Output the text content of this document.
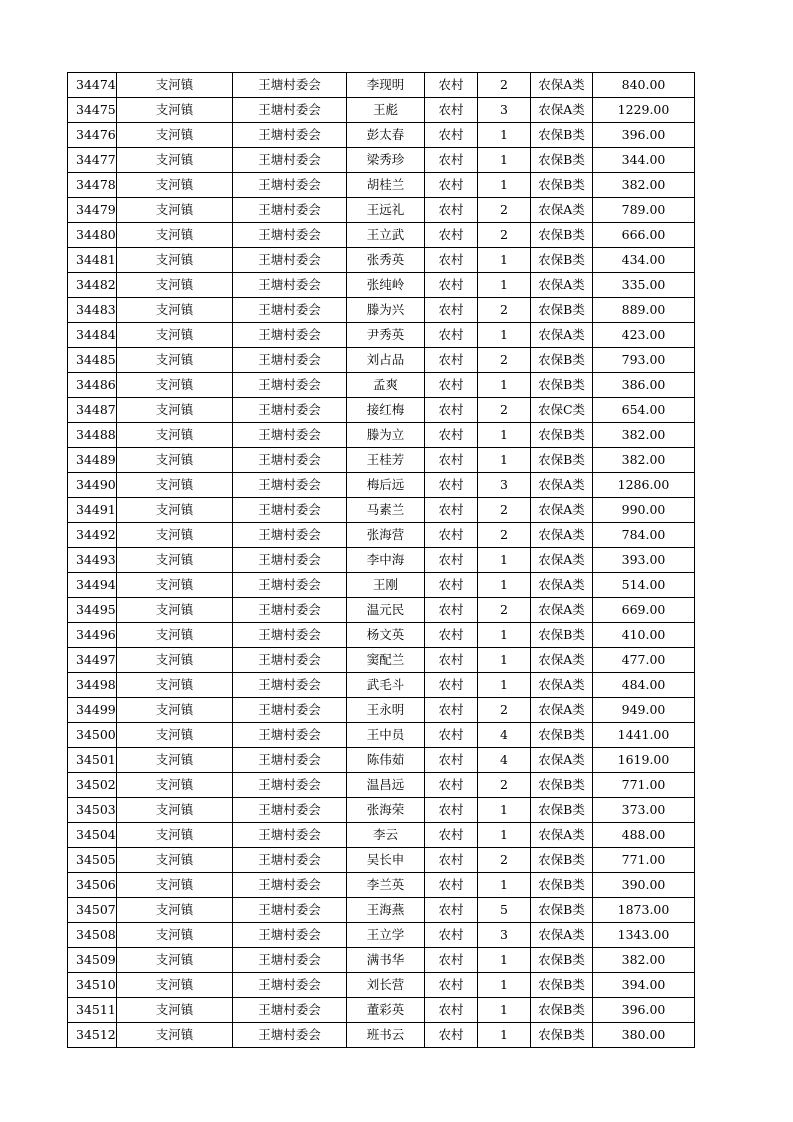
34474	支河镇	王塘村委会	李现明	农村	2	农保A类	840.00
34475	支河镇	王塘村委会	王彪	农村	3	农保A类	1229.00
34476	支河镇	王塘村委会	彭太春	农村	1	农保B类	396.00
34477	支河镇	王塘村委会	梁秀珍	农村	1	农保B类	344.00
34478	支河镇	王塘村委会	胡桂兰	农村	1	农保B类	382.00
34479	支河镇	王塘村委会	王远礼	农村	2	农保A类	789.00
34480	支河镇	王塘村委会	王立武	农村	2	农保B类	666.00
34481	支河镇	王塘村委会	张秀英	农村	1	农保B类	434.00
34482	支河镇	王塘村委会	张纯岭	农村	1	农保A类	335.00
34483	支河镇	王塘村委会	滕为兴	农村	2	农保B类	889.00
34484	支河镇	王塘村委会	尹秀英	农村	1	农保A类	423.00
34485	支河镇	王塘村委会	刘占品	农村	2	农保B类	793.00
34486	支河镇	王塘村委会	孟爽	农村	1	农保B类	386.00
34487	支河镇	王塘村委会	接红梅	农村	2	农保C类	654.00
34488	支河镇	王塘村委会	滕为立	农村	1	农保B类	382.00
34489	支河镇	王塘村委会	王桂芳	农村	1	农保B类	382.00
34490	支河镇	王塘村委会	梅后远	农村	3	农保A类	1286.00
34491	支河镇	王塘村委会	马素兰	农村	2	农保A类	990.00
34492	支河镇	王塘村委会	张海营	农村	2	农保A类	784.00
34493	支河镇	王塘村委会	李中海	农村	1	农保A类	393.00
34494	支河镇	王塘村委会	王刚	农村	1	农保A类	514.00
34495	支河镇	王塘村委会	温元民	农村	2	农保A类	669.00
34496	支河镇	王塘村委会	杨文英	农村	1	农保B类	410.00
34497	支河镇	王塘村委会	窦配兰	农村	1	农保A类	477.00
34498	支河镇	王塘村委会	武毛斗	农村	1	农保A类	484.00
34499	支河镇	王塘村委会	王永明	农村	2	农保A类	949.00
34500	支河镇	王塘村委会	王中员	农村	4	农保B类	1441.00
34501	支河镇	王塘村委会	陈伟茹	农村	4	农保A类	1619.00
34502	支河镇	王塘村委会	温昌远	农村	2	农保B类	771.00
34503	支河镇	王塘村委会	张海荣	农村	1	农保B类	373.00
34504	支河镇	王塘村委会	李云	农村	1	农保A类	488.00
34505	支河镇	王塘村委会	吴长申	农村	2	农保B类	771.00
34506	支河镇	王塘村委会	李兰英	农村	1	农保B类	390.00
34507	支河镇	王塘村委会	王海燕	农村	5	农保B类	1873.00
34508	支河镇	王塘村委会	王立学	农村	3	农保A类	1343.00
34509	支河镇	王塘村委会	满书华	农村	1	农保B类	382.00
34510	支河镇	王塘村委会	刘长营	农村	1	农保B类	394.00
34511	支河镇	王塘村委会	董彩英	农村	1	农保B类	396.00
34512	支河镇	王塘村委会	班书云	农村	1	农保B类	380.00
